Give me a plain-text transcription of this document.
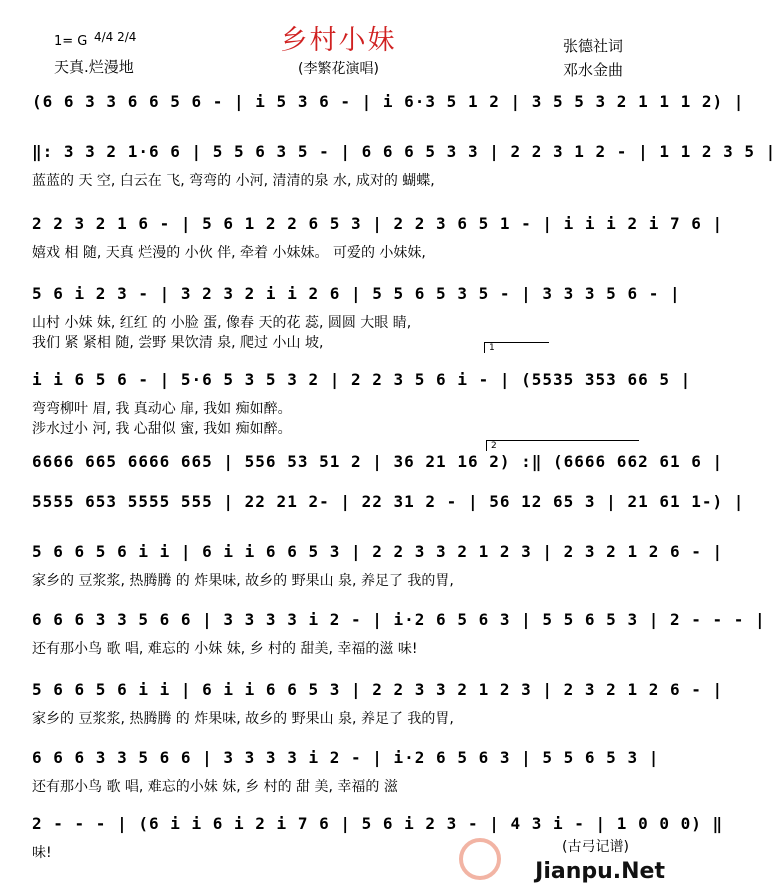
乡村小妹
1= G 4/4 2/4
天真.烂漫地	(李繁花演唱)
张德社词
邓水金曲
(6 6 3 3 6 6 5 6 - | i 5 3 6 - | i 6·3 5 1 2 | 3 5 5 3 2 1 1 1 2) |
‖: 3 3 2 1·6 6 | 5 5 6 3 5 - | 6 6 6 5 3 3 | 2 2 3 1 2 - | 1 1 2 3 5 |
蓝蓝的 天 空, 白云在 飞, 弯弯的 小河, 清清的泉 水, 成对的 蝴蝶,
2 2 3 2 1 6 - | 5 6 1 2 2 6 5 3 | 2 2 3 6 5 1 - | i i i 2 i 7 6 |
嬉戏 相 随, 天真 烂漫的 小伙 伴, 牵着 小妹妹。 可爱的 小妹妹,
5 6 i 2 3 - | 3 2 3 2 i i 2 6 | 5 5 6 5 3 5 - | 3 3 3 5 6 - |
山村 小妹 妹, 红红 的 小脸 蛋, 像春 天的花 蕊, 圆圆 大眼 睛,
我们 紧 紧相 随, 尝野 果饮清 泉, 爬过 小山 坡,
i i 6 5 6 - | 5·6 5 3 5 3 2 | 2 2 3 5 6 i - | (5535 353 66 5 |
弯弯柳叶 眉, 我 真动心 扉, 我如 痴如醉。
涉水过小 河, 我 心甜似 蜜, 我如 痴如醉。
6666 665 6666 665 | 556 53 51 2 | 36 21 16 2) :‖ (6666 662 61 6 |
5555 653 5555 555 | 22 21 2- | 22 31 2 - | 56 12 65 3 | 21 61 1-) |
5 6 6 5 6 i i | 6 i i 6 6 5 3 | 2 2 3 3 2 1 2 3 | 2 3 2 1 2 6 - |
家乡的 豆浆浆, 热腾腾 的 炸果味, 故乡的 野果山 泉, 养足了 我的胃,
6 6 6 3 3 5 6 6 | 3 3 3 3 i 2 - | i·2 6 5 6 3 | 5 5 6 5 3 | 2 - - - |
还有那小鸟 歌 唱, 难忘的 小妹 妹, 乡 村的 甜美, 幸福的滋 味!
5 6 6 5 6 i i | 6 i i 6 6 5 3 | 2 2 3 3 2 1 2 3 | 2 3 2 1 2 6 - |
家乡的 豆浆浆, 热腾腾 的 炸果味, 故乡的 野果山 泉, 养足了 我的胃,
6 6 6 3 3 5 6 6 | 3 3 3 3 i 2 - | i·2 6 5 6 3 | 5 5 6 5 3 |
还有那小鸟 歌 唱, 难忘的小妹 妹, 乡 村的 甜 美, 幸福的 滋
2 - - - | (6 i i 6 i 2 i 7 6 | 5 6 i 2 3 - | 4 3 i - | 1 0 0 0) ‖
味!
1
2
(古弓记谱)
Jianpu.Net
